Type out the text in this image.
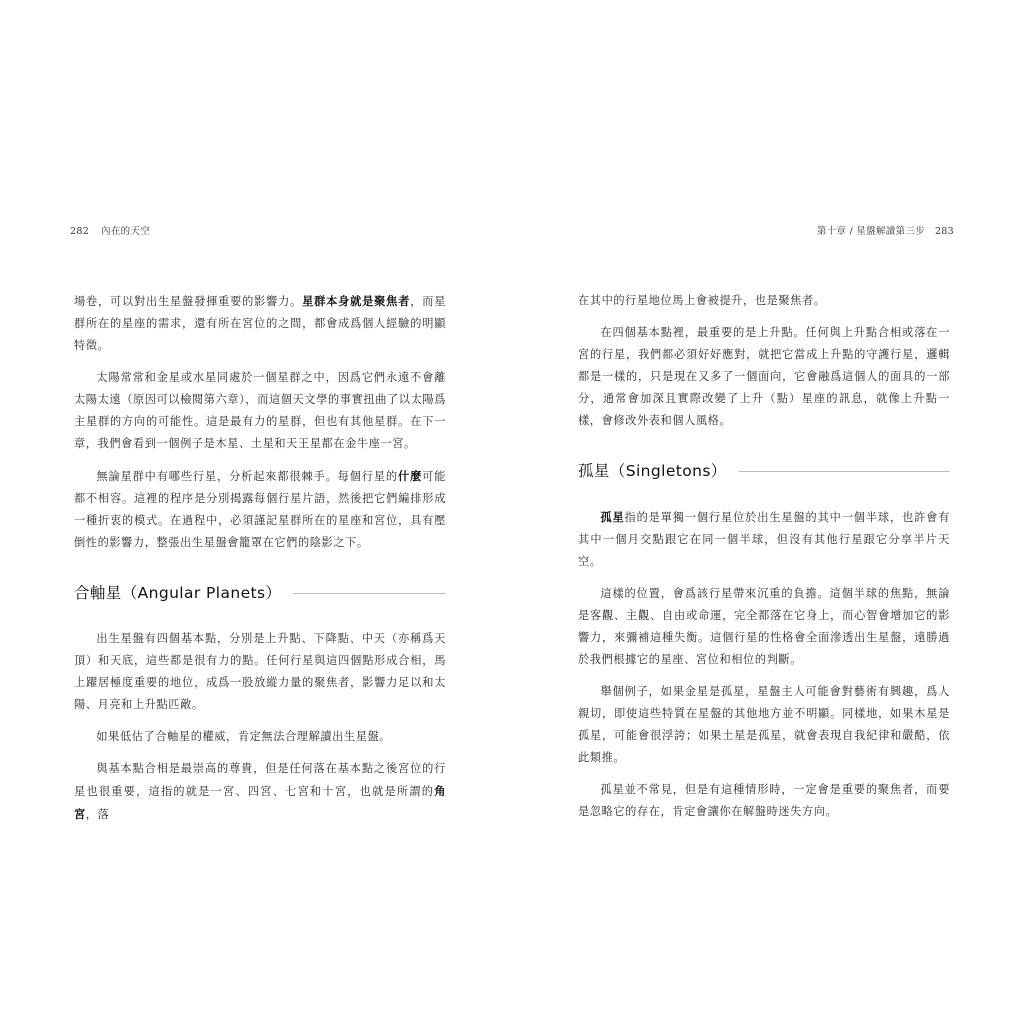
282 內在的天空

場卷，可以對出生星盤發揮重要的影響力。星群本身就是聚焦者，而星群所在的星座的需求，還有所在宮位的之間，都會成爲個人經驗的明顯特徵。

太陽常常和金星或水星同處於一個星群之中，因爲它們永遠不會離太陽太遠（原因可以檢閱第六章），而這個天文學的事實扭曲了以太陽爲主星群的方向的可能性。這是最有力的星群，但也有其他星群。在下一章，我們會看到一個例子是木星、土星和天王星都在金牛座一宮。

無論星群中有哪些行星，分析起來都很棘手。每個行星的什麼可能都不相容。這裡的程序是分別揭露每個行星片語，然後把它們編排形成一種折衷的模式。在過程中，必須謹記星群所在的星座和宮位，具有壓倒性的影響力，整張出生星盤會籠罩在它們的陰影之下。

合軸星（Angular Planets）

出生星盤有四個基本點，分別是上升點、下降點、中天（亦稱爲天頂）和天底，這些都是很有力的點。任何行星與這四個點形成合相，馬上躍居極度重要的地位，成爲一股放縱力量的聚焦者，影響力足以和太陽、月亮和上升點匹敵。

如果低估了合軸星的權威，肯定無法合理解讀出生星盤。

與基本點合相是最崇高的尊貴，但是任何落在基本點之後宮位的行星也很重要，這指的就是一宮、四宮、七宮和十宮，也就是所謂的角宮，落

第十章 / 星盤解讀第三步 283

在其中的行星地位馬上會被提升，也是聚焦者。

在四個基本點裡，最重要的是上升點。任何與上升點合相或落在一宮的行星，我們都必須好好應對，就把它當成上升點的守護行星，邏輯都是一樣的，只是現在又多了一個面向，它會融爲這個人的面具的一部分，通常會加深且實際改變了上升（點）星座的訊息，就像上升點一樣，會修改外表和個人風格。

孤星（Singletons）

孤星指的是單獨一個行星位於出生星盤的其中一個半球，也許會有其中一個月交點跟它在同一個半球，但沒有其他行星跟它分享半片天空。

這樣的位置，會爲該行星帶來沉重的負擔。這個半球的焦點，無論是客觀、主觀、自由或命運，完全都落在它身上，而心智會增加它的影響力，來彌補這種失衡。這個行星的性格會全面滲透出生星盤，遠勝過於我們根據它的星座、宮位和相位的判斷。

舉個例子，如果金星是孤星，星盤主人可能會對藝術有興趣，爲人親切，即使這些特質在星盤的其他地方並不明顯。同樣地，如果木星是孤星，可能會很浮誇；如果土星是孤星，就會表現自我紀律和嚴酷，依此類推。

孤星並不常見，但是有這種情形時，一定會是重要的聚焦者，而要是忽略它的存在，肯定會讓你在解盤時迷失方向。
